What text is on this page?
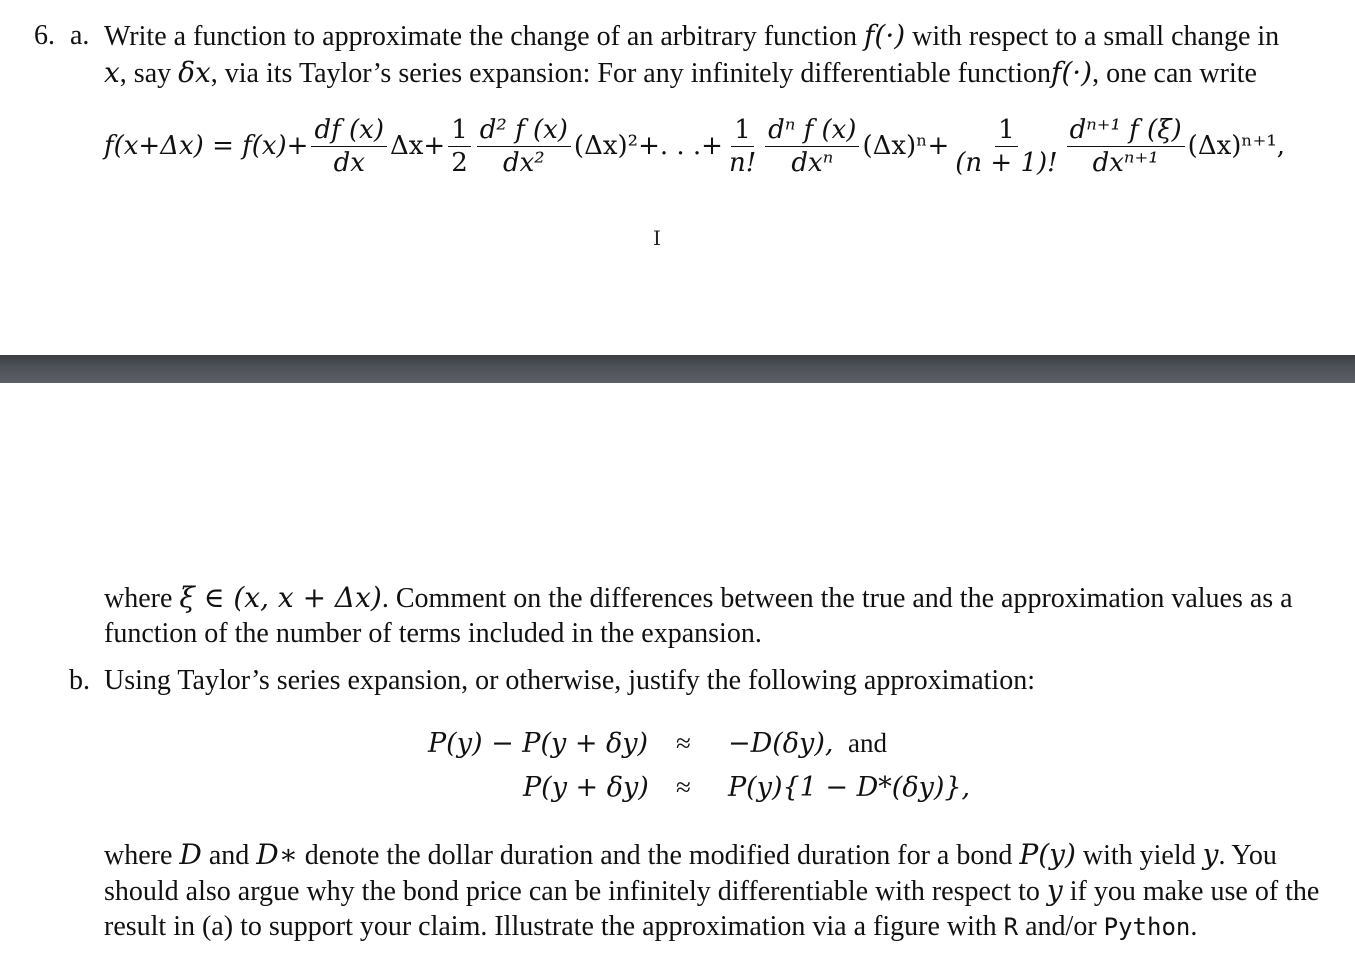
6. a. Write a function to approximate the change of an arbitrary function f(·) with respect to a small change in
x, say δx, via its Taylor’s series expansion: For any infinitely differentiable functionf(·), one can write
$f(x+\Delta x) = f(x)+ \frac{df (x)}{dx} \Delta x+ \frac{1}{2} \frac{\text{d² f (x)}}{\text{dx²}} (\Delta x)^2+$. . .+ $\frac{1}{n!} \frac{\text{dⁿ f (x)}}{\text{dxⁿ}} (\Delta x)^n+ \frac{1}{(n + 1)!} \frac{\text{dⁿ⁺¹ f (ξ)}}{\text{dxⁿ⁺¹}} (\Delta x)^{n+1}$,
I
where ξ ∈ (x, x + Δx). Comment on the differences between the true and the approximation values as a
function of the number of terms included in the expansion.
b. Using Taylor’s series expansion, or otherwise, justify the following approximation:
P(y) − P(y + δy) ≈ −D(δy), and
P(y + δy) ≈ P(y){1 − D*(δy)},
where D and D∗ denote the dollar duration and the modified duration for a bond P(y) with yield y. You
should also argue why the bond price can be infinitely differentiable with respect to y if you make use of the
result in (a) to support your claim. Illustrate the approximation via a figure with R and/or Python.
